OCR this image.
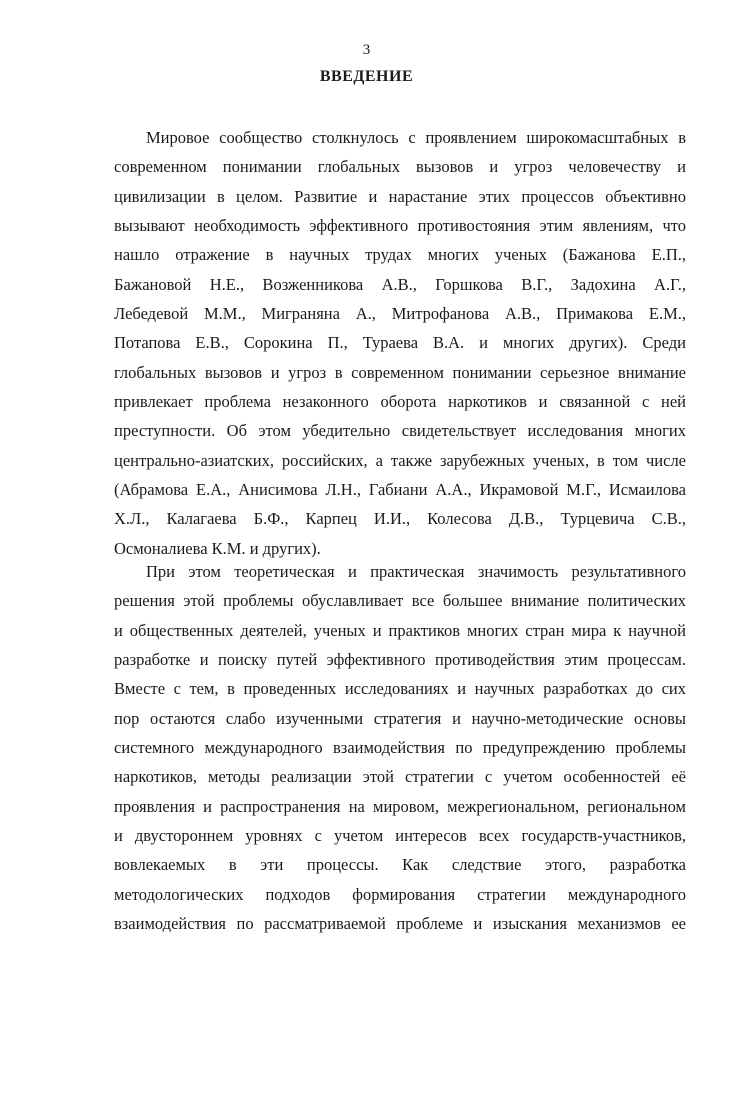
3
ВВЕДЕНИЕ
Мировое сообщество столкнулось с проявлением широкомасштабных в
современном понимании глобальных вызовов и угроз человечеству и
цивилизации в целом. Развитие и нарастание этих процессов объективно
вызывают необходимость эффективного противостояния этим явлениям, что
нашло отражение в научных трудах многих ученых (Бажанова Е.П.,
Бажановой Н.Е., Возженникова А.В., Горшкова В.Г., Задохина А.Г.,
Лебедевой М.М., Миграняна А., Митрофанова А.В., Примакова Е.М.,
Потапова Е.В., Сорокина П., Тураева В.А. и многих других). Среди
глобальных вызовов и угроз в современном понимании серьезное внимание
привлекает проблема незаконного оборота наркотиков и связанной с ней
преступности. Об этом убедительно свидетельствует исследования многих
центрально-азиатских, российских, а также зарубежных ученых, в том числе
(Абрамова Е.А., Анисимова Л.Н., Габиани А.А., Икрамовой М.Г., Исмаилова
Х.Л., Калагаева Б.Ф., Карпец И.И., Колесова Д.В., Турцевича С.В.,
Осмоналиева К.М. и других).
При этом теоретическая и практическая значимость результативного
решения этой проблемы обуславливает все большее внимание политических
и общественных деятелей, ученых и практиков многих стран мира к научной
разработке и поиску путей эффективного противодействия этим процессам.
Вместе с тем, в проведенных исследованиях и научных разработках до сих
пор остаются слабо изученными стратегия и научно-методические основы
системного международного взаимодействия по предупреждению проблемы
наркотиков, методы реализации этой стратегии с учетом особенностей её
проявления и распространения на мировом, межрегиональном, региональном
и двустороннем уровнях с учетом интересов всех государств-участников,
вовлекаемых в эти процессы. Как следствие этого, разработка
методологических подходов формирования стратегии международного
взаимодействия по рассматриваемой проблеме и изыскания механизмов ее
